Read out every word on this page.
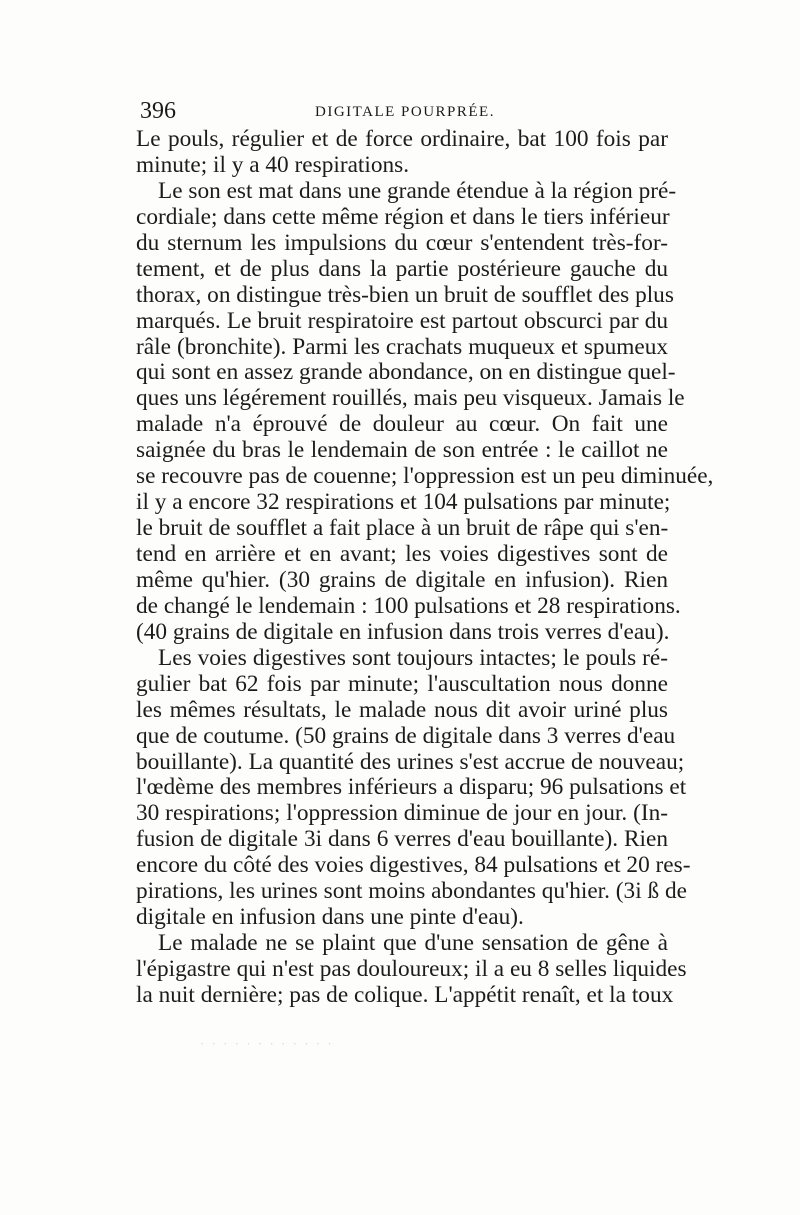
396	DIGITALE POURPRÉE.
Le pouls, régulier et de force ordinaire, bat 100 fois par
minute; il y a 40 respirations.
Le son est mat dans une grande étendue à la région pré-
cordiale; dans cette même région et dans le tiers inférieur
du sternum les impulsions du cœur s'entendent très-for-
tement, et de plus dans la partie postérieure gauche du
thorax, on distingue très-bien un bruit de soufflet des plus
marqués. Le bruit respiratoire est partout obscurci par du
râle (bronchite). Parmi les crachats muqueux et spumeux
qui sont en assez grande abondance, on en distingue quel-
ques uns légérement rouillés, mais peu visqueux. Jamais le
malade n'a éprouvé de douleur au cœur. On fait une
saignée du bras le lendemain de son entrée : le caillot ne
se recouvre pas de couenne; l'oppression est un peu diminuée,
il y a encore 32 respirations et 104 pulsations par minute;
le bruit de soufflet a fait place à un bruit de râpe qui s'en-
tend en arrière et en avant; les voies digestives sont de
même qu'hier. (30 grains de digitale en infusion). Rien
de changé le lendemain : 100 pulsations et 28 respirations.
(40 grains de digitale en infusion dans trois verres d'eau).
Les voies digestives sont toujours intactes; le pouls ré-
gulier bat 62 fois par minute; l'auscultation nous donne
les mêmes résultats, le malade nous dit avoir uriné plus
que de coutume. (50 grains de digitale dans 3 verres d'eau
bouillante). La quantité des urines s'est accrue de nouveau;
l'œdème des membres inférieurs a disparu; 96 pulsations et
30 respirations; l'oppression diminue de jour en jour. (In-
fusion de digitale 3i dans 6 verres d'eau bouillante). Rien
encore du côté des voies digestives, 84 pulsations et 20 res-
pirations, les urines sont moins abondantes qu'hier. (3i ß de
digitale en infusion dans une pinte d'eau).
Le malade ne se plaint que d'une sensation de gêne à
l'épigastre qui n'est pas douloureux; il a eu 8 selles liquides
la nuit dernière; pas de colique. L'appétit renaît, et la toux
· · · · · · · · · · · ·
